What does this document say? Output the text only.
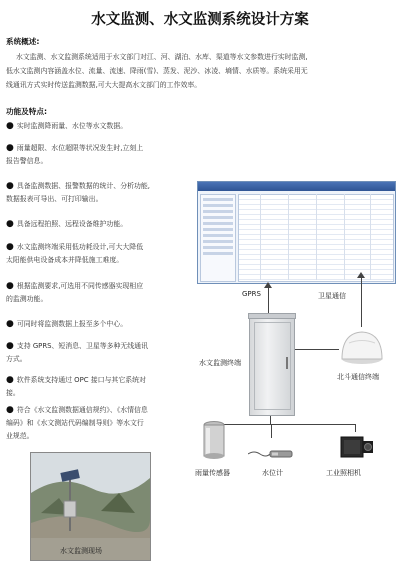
水文监测、水文监测系统设计方案
系统概述:
水文监测、水文监测系统适用于水文部门对江、河、湖泊、水库、渠道等水文参数进行实时监测,
低水文监测内容涵盖水位、流量、流速、降雨(雪)、蒸发、泥沙、冰凌、墒情、水质等。系统采用无
线通讯方式实时传送监测数据,可大大提高水文部门的工作效率。
功能及特点:
● 实时监测降雨量、水位等水文数据。
● 雨量超限、水位超限等状况发生时,立刻上
报告警信息。
● 具备监测数据、报警数据的统计、分析功能,
数据报表可导出、可打印输出。
● 具备远程拍照、远程设备维护功能。
● 水文监测终端采用低功耗设计,可大大降低
太阳能供电设备成本并降低施工难度。
● 根据监测要求,可选用不同传感器实现相应
的监测功能。
● 可同时将监测数据上报至多个中心。
● 支持 GPRS、短消息、卫星等多种无线通讯
方式。
● 软件系统支持通过 OPC 接口与其它系统对
接。
● 符合《水文监测数据通信规约》、《水情信息
编码》和《水文测站代码编制导则》等水文行
业规范。
GPRS	卫星通信
水文监测终端
北斗通信终端
雨量传感器	水位计	工业照相机
水文监测现场
